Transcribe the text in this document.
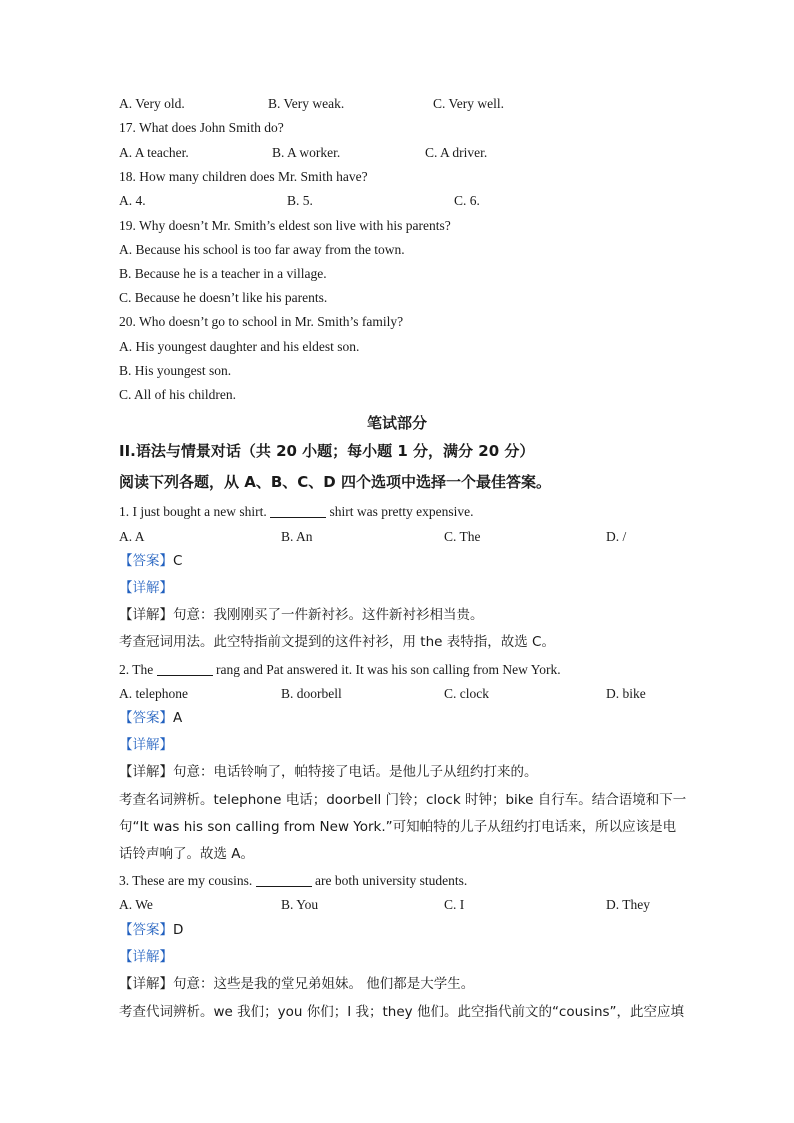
A. Very old.	B. Very weak.	C. Very well.
17. What does John Smith do?
A. A teacher.	B. A worker.	C. A driver.
18. How many children does Mr. Smith have?
A. 4.	B. 5.	C. 6.
19. Why doesn’t Mr. Smith’s eldest son live with his parents?
A. Because his school is too far away from the town.
B. Because he is a teacher in a village.
C. Because he doesn’t like his parents.
20. Who doesn’t go to school in Mr. Smith’s family?
A. His youngest daughter and his eldest son.
B. His youngest son.
C. All of his children.
笔试部分
II.语法与情景对话（共 20 小题；每小题 1 分，满分 20 分）
阅读下列各题，从 A、B、C、D 四个选项中选择一个最佳答案。
1. I just bought a new shirt.	shirt was pretty expensive.
A. A	B. An	C. The	D. /
【答案】C
【详解】
【详解】句意：我刚刚买了一件新衬衫。这件新衬衫相当贵。
考查冠词用法。此空特指前文提到的这件衬衫，用 the 表特指，故选 C。
2. The	rang and Pat answered it. It was his son calling from New York.
A. telephone	B. doorbell	C. clock	D. bike
【答案】A
【详解】
【详解】句意：电话铃响了，帕特接了电话。是他儿子从纽约打来的。
考查名词辨析。telephone 电话；doorbell 门铃；clock 时钟；bike 自行车。结合语境和下一
句“It was his son calling from New York.”可知帕特的儿子从纽约打电话来，所以应该是电
话铃声响了。故选 A。
3. These are my cousins.	are both university students.
A. We	B. You	C. I	D. They
【答案】D
【详解】
【详解】句意：这些是我的堂兄弟姐妹。 他们都是大学生。
考查代词辨析。we 我们；you 你们；I 我；they 他们。此空指代前文的“cousins”，此空应填
